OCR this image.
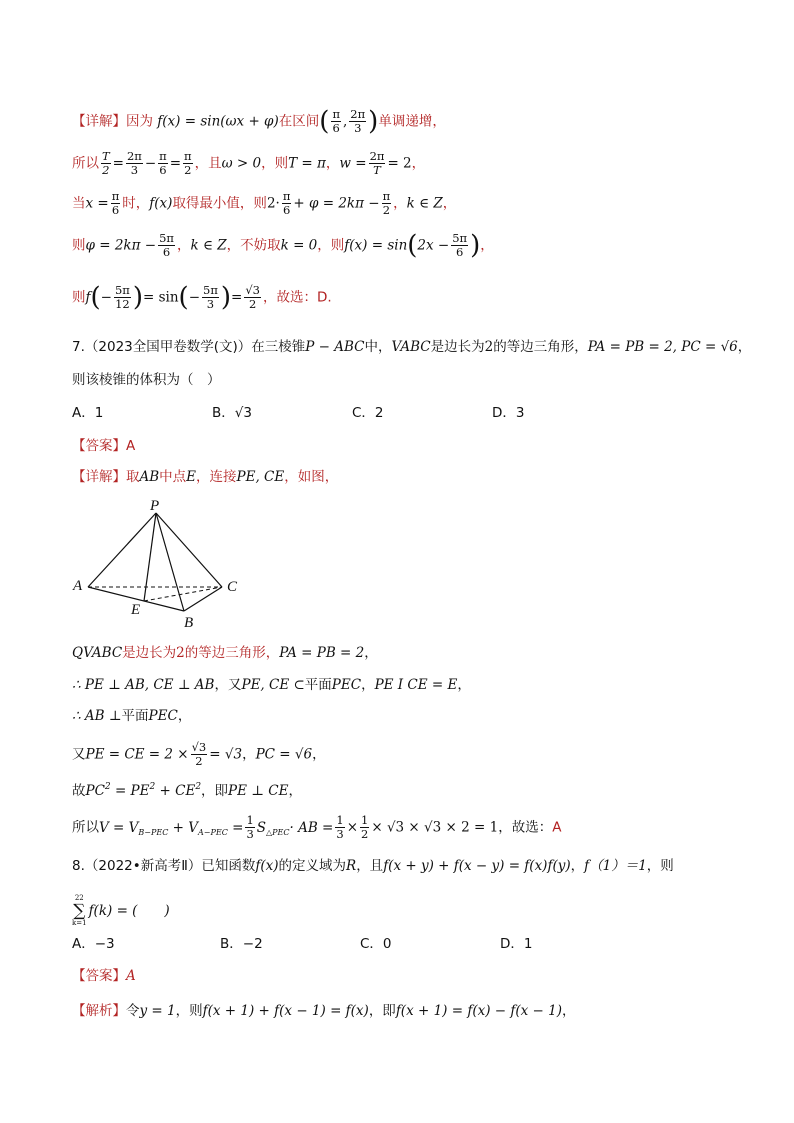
【详解】因为 f(x) = sin(ωx + φ)在区间( $\frac{\pi}{6}$ , $\frac{2\pi}{3}$ )单调递增，
所以 $\frac{T}{2} = \frac{2\pi}{3} - \frac{\pi}{6} = \frac{\pi}{2}$ ，且ω > 0，则T = π，$w = \frac{2\pi}{T} = 2$，
当$x = \frac{\pi}{6}$ 时，f(x)取得最小值，则$2\cdot \frac{\pi}{6} + \varphi = 2k\pi - \frac{\pi}{2}$ ，k ∈ Z，
则$\varphi = 2k\pi - \frac{5\pi}{6}$ ，k ∈ Z，不妨取k = 0，则$f(x) = \sin(2x - \frac{5\pi}{6}$ )，
则$f(- \frac{5\pi}{12}$ )= $\sin(- \frac{5\pi}{3}$ )= $\frac{√3}{2}$ ，故选：D.
7.（2023全国甲卷数学(文)）在三棱锥P − ABC中，VABC是边长为2的等边三角形，PA = PB = 2, PC = √6，
则该棱锥的体积为（　）
A．1	B．√3	C．2	D．3
【答案】A
【详解】取AB中点E，连接PE, CE，如图，
P
A	C
E
B
QVABC是边长为2的等边三角形，PA = PB = 2，
∴ PE ⊥ AB, CE ⊥ AB，又PE, CE ⊂平面PEC，PE I CE = E，
∴ AB ⊥平面PEC，
又PE = CE = $2 \times \frac{√3}{2} = √3$，PC = √6，
故$PC^2 = PE^2 + CE^2$，即PE ⊥ CE，
所以$V = V_{B-PEC} + V_{A-PEC} = \frac{1}{3} S_{\triangle PEC}\cdot$ AB = $\frac{1}{3} \times \frac{1}{2} \times √3 \times √3 \times 2 = 1$，故选：A
8.（2022•新高考Ⅱ）已知函数f(x)的定义域为R，且f(x + y) + f(x − y) = f(x)f(y)，f（1）＝1，则
22
∑
k=1
f(k) = (　　)
A．−3	B．−2	C．0	D．1
【答案】A
【解析】令y = 1，则f(x + 1) + f(x − 1) = f(x)，即f(x + 1) = f(x) − f(x − 1)，
